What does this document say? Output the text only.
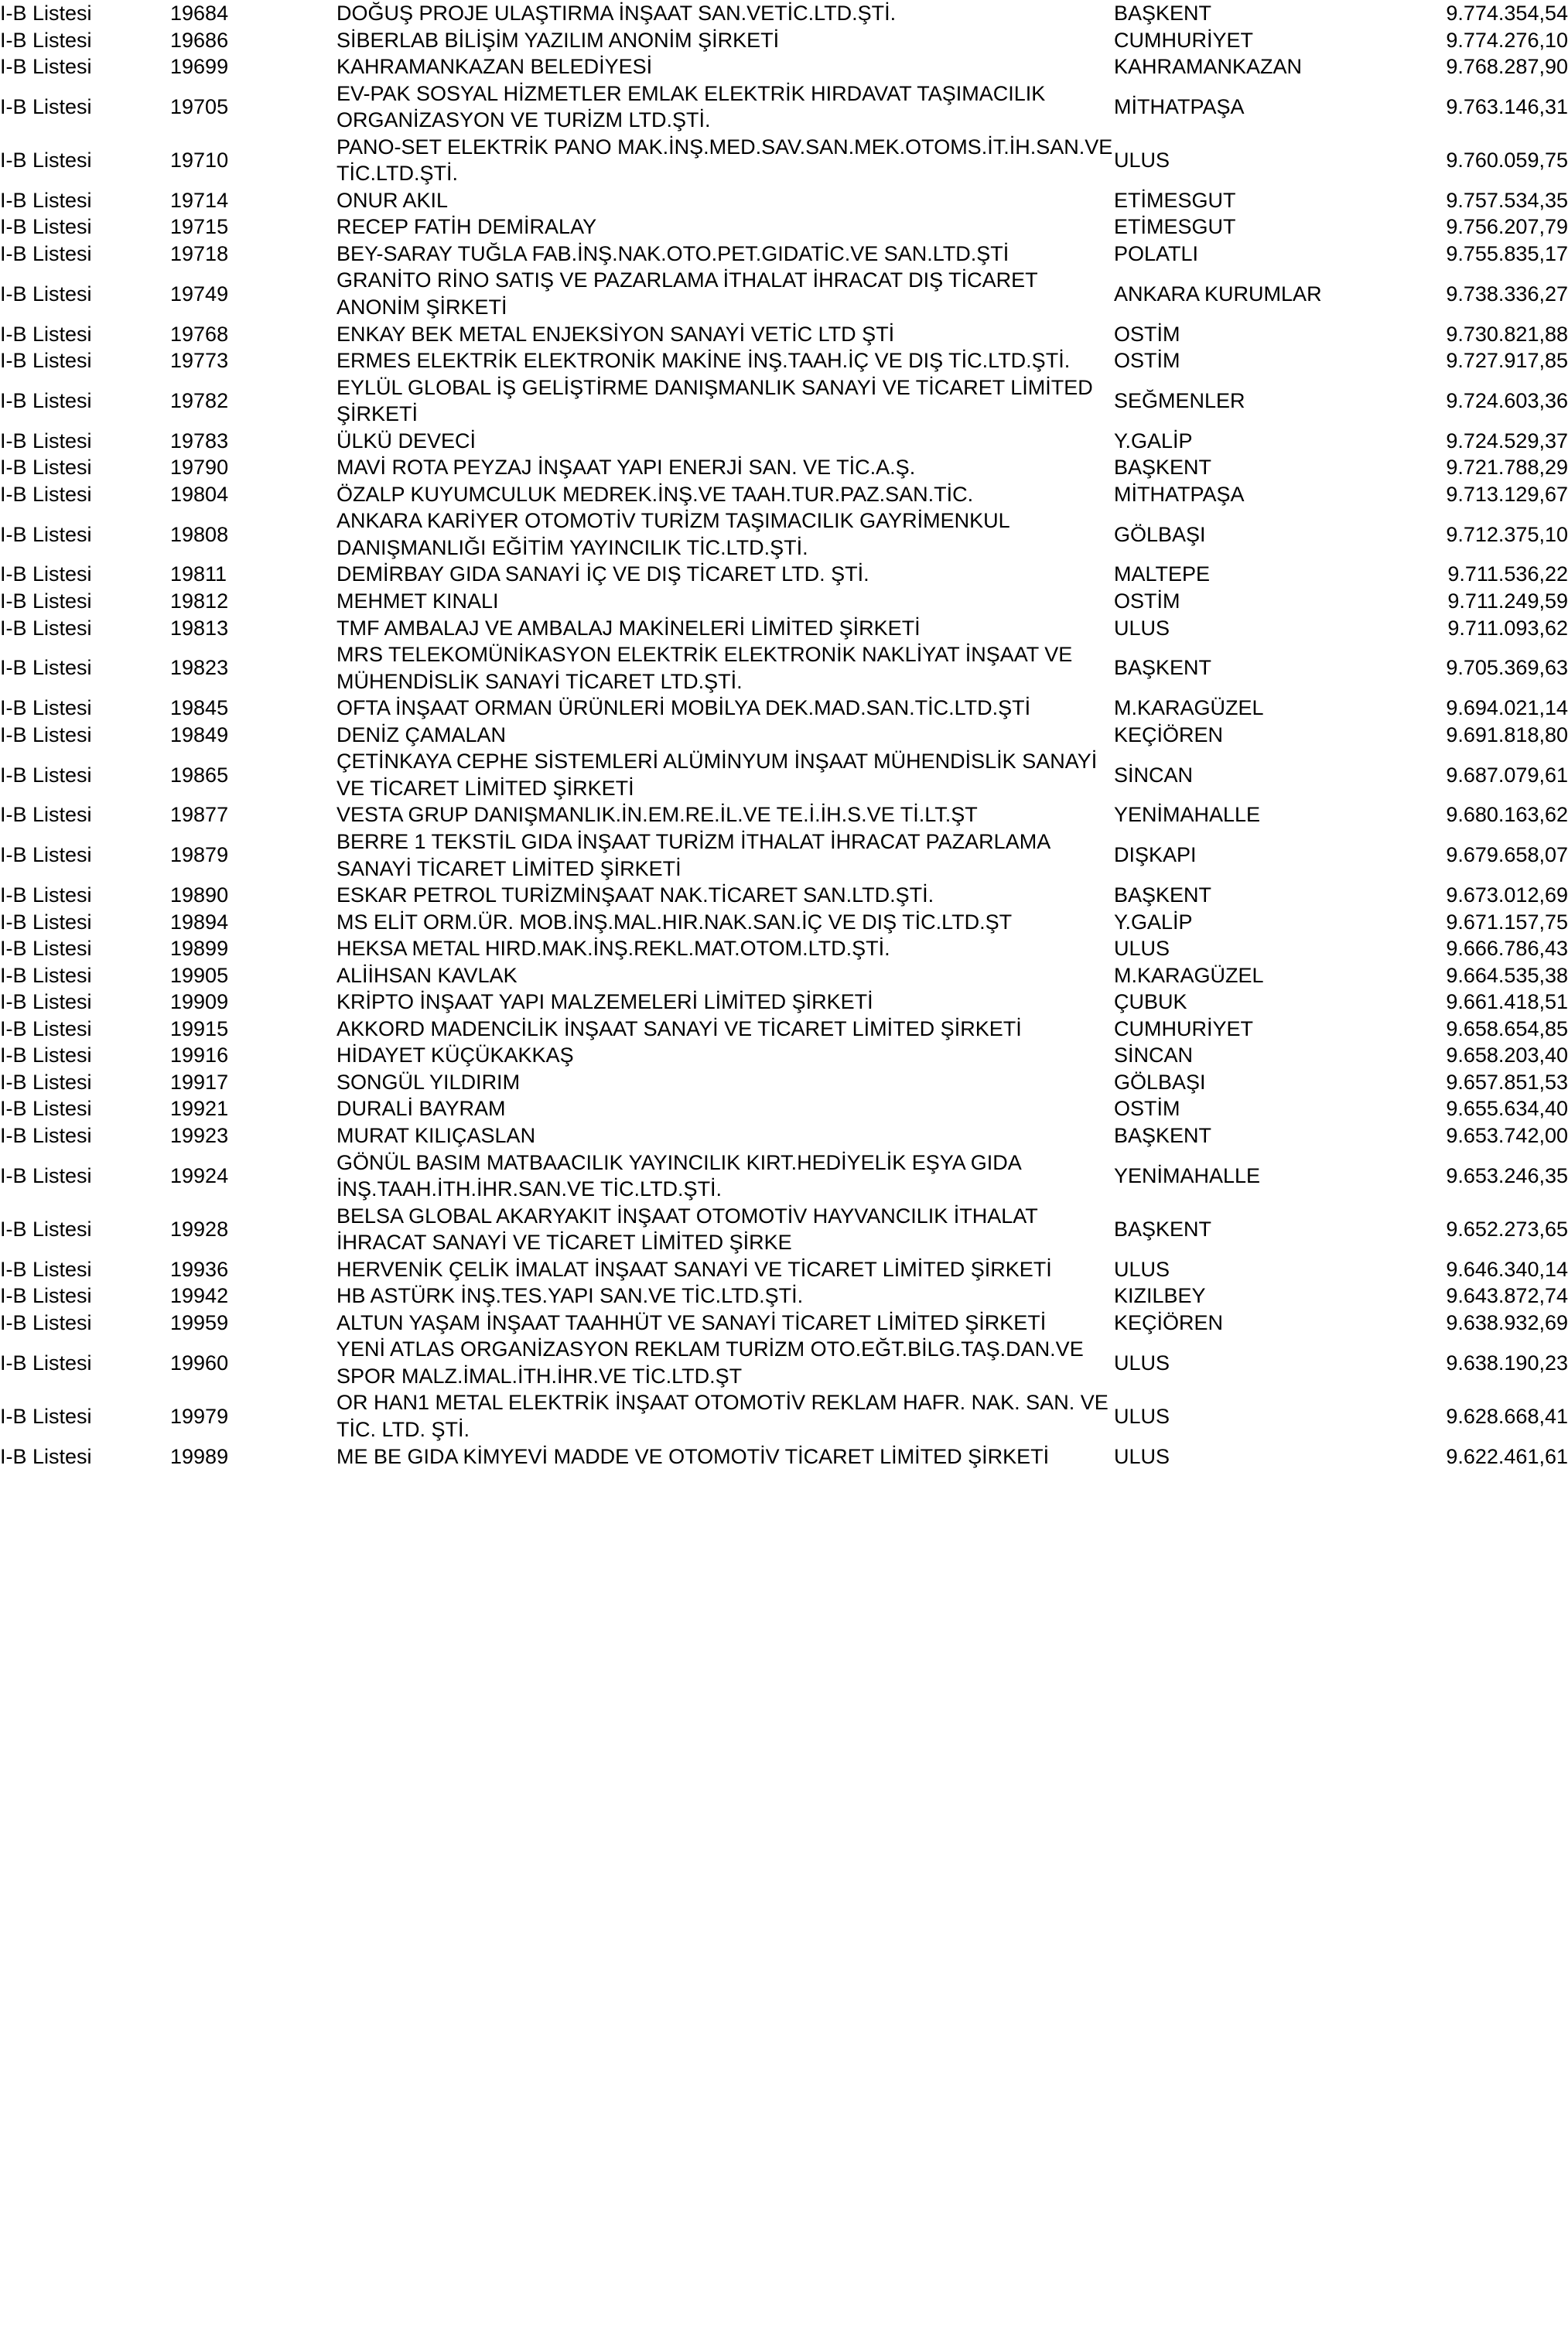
I-B Listesi	19684	DOĞUŞ PROJE ULAŞTIRMA İNŞAAT SAN.VETİC.LTD.ŞTİ.	BAŞKENT	9.774.354,54
I-B Listesi	19686	SİBERLAB BİLİŞİM YAZILIM ANONİM ŞİRKETİ	CUMHURİYET	9.774.276,10
I-B Listesi	19699	KAHRAMANKAZAN BELEDİYESİ	KAHRAMANKAZAN	9.768.287,90
I-B Listesi	19705	EV-PAK SOSYAL HİZMETLER EMLAK ELEKTRİK HIRDAVAT TAŞIMACILIK ORGANİZASYON VE TURİZM LTD.ŞTİ.	MİTHATPAŞA	9.763.146,31
I-B Listesi	19710	PANO-SET ELEKTRİK PANO MAK.İNŞ.MED.SAV.SAN.MEK.OTOMS.İT.İH.SAN.VE TİC.LTD.ŞTİ.	ULUS	9.760.059,75
I-B Listesi	19714	ONUR AKIL	ETİMESGUT	9.757.534,35
I-B Listesi	19715	RECEP FATİH DEMİRALAY	ETİMESGUT	9.756.207,79
I-B Listesi	19718	BEY-SARAY TUĞLA FAB.İNŞ.NAK.OTO.PET.GIDATİC.VE SAN.LTD.ŞTİ	POLATLI	9.755.835,17
I-B Listesi	19749	GRANİTO RİNO SATIŞ VE PAZARLAMA İTHALAT İHRACAT DIŞ TİCARET ANONİM ŞİRKETİ	ANKARA KURUMLAR	9.738.336,27
I-B Listesi	19768	ENKAY BEK METAL ENJEKSİYON SANAYİ VETİC LTD ŞTİ	OSTİM	9.730.821,88
I-B Listesi	19773	ERMES ELEKTRİK ELEKTRONİK MAKİNE İNŞ.TAAH.İÇ VE DIŞ TİC.LTD.ŞTİ.	OSTİM	9.727.917,85
I-B Listesi	19782	EYLÜL GLOBAL İŞ GELİŞTİRME DANIŞMANLIK SANAYİ VE TİCARET LİMİTED ŞİRKETİ	SEĞMENLER	9.724.603,36
I-B Listesi	19783	ÜLKÜ DEVECİ	Y.GALİP	9.724.529,37
I-B Listesi	19790	MAVİ ROTA PEYZAJ İNŞAAT YAPI ENERJİ SAN. VE TİC.A.Ş.	BAŞKENT	9.721.788,29
I-B Listesi	19804	ÖZALP KUYUMCULUK MEDREK.İNŞ.VE TAAH.TUR.PAZ.SAN.TİC.	MİTHATPAŞA	9.713.129,67
I-B Listesi	19808	ANKARA KARİYER OTOMOTİV TURİZM TAŞIMACILIK GAYRİMENKUL DANIŞMANLIĞI EĞİTİM YAYINCILIK TİC.LTD.ŞTİ.	GÖLBAŞI	9.712.375,10
I-B Listesi	19811	DEMİRBAY GIDA SANAYİ İÇ VE DIŞ TİCARET LTD. ŞTİ.	MALTEPE	9.711.536,22
I-B Listesi	19812	MEHMET KINALI	OSTİM	9.711.249,59
I-B Listesi	19813	TMF AMBALAJ VE AMBALAJ MAKİNELERİ LİMİTED ŞİRKETİ	ULUS	9.711.093,62
I-B Listesi	19823	MRS TELEKOMÜNİKASYON ELEKTRİK ELEKTRONİK NAKLİYAT İNŞAAT VE MÜHENDİSLİK SANAYİ TİCARET LTD.ŞTİ.	BAŞKENT	9.705.369,63
I-B Listesi	19845	OFTA İNŞAAT ORMAN ÜRÜNLERİ MOBİLYA DEK.MAD.SAN.TİC.LTD.ŞTİ	M.KARAGÜZEL	9.694.021,14
I-B Listesi	19849	DENİZ ÇAMALAN	KEÇİÖREN	9.691.818,80
I-B Listesi	19865	ÇETİNKAYA CEPHE SİSTEMLERİ ALÜMİNYUM İNŞAAT MÜHENDİSLİK SANAYİ VE TİCARET LİMİTED ŞİRKETİ	SİNCAN	9.687.079,61
I-B Listesi	19877	VESTA GRUP DANIŞMANLIK.İN.EM.RE.İL.VE TE.İ.İH.S.VE Tİ.LT.ŞT	YENİMAHALLE	9.680.163,62
I-B Listesi	19879	BERRE 1 TEKSTİL GIDA İNŞAAT TURİZM İTHALAT İHRACAT PAZARLAMA SANAYİ TİCARET LİMİTED ŞİRKETİ	DIŞKAPI	9.679.658,07
I-B Listesi	19890	ESKAR PETROL TURİZMİNŞAAT NAK.TİCARET SAN.LTD.ŞTİ.	BAŞKENT	9.673.012,69
I-B Listesi	19894	MS ELİT ORM.ÜR. MOB.İNŞ.MAL.HIR.NAK.SAN.İÇ VE DIŞ TİC.LTD.ŞT	Y.GALİP	9.671.157,75
I-B Listesi	19899	HEKSA METAL HIRD.MAK.İNŞ.REKL.MAT.OTOM.LTD.ŞTİ.	ULUS	9.666.786,43
I-B Listesi	19905	ALİİHSAN KAVLAK	M.KARAGÜZEL	9.664.535,38
I-B Listesi	19909	KRİPTO İNŞAAT YAPI MALZEMELERİ LİMİTED ŞİRKETİ	ÇUBUK	9.661.418,51
I-B Listesi	19915	AKKORD MADENCİLİK İNŞAAT SANAYİ VE TİCARET LİMİTED ŞİRKETİ	CUMHURİYET	9.658.654,85
I-B Listesi	19916	HİDAYET KÜÇÜKAKKAŞ	SİNCAN	9.658.203,40
I-B Listesi	19917	SONGÜL YILDIRIM	GÖLBAŞI	9.657.851,53
I-B Listesi	19921	DURALİ BAYRAM	OSTİM	9.655.634,40
I-B Listesi	19923	MURAT KILIÇASLAN	BAŞKENT	9.653.742,00
I-B Listesi	19924	GÖNÜL BASIM MATBAACILIK YAYINCILIK KIRT.HEDİYELİK EŞYA GIDA İNŞ.TAAH.İTH.İHR.SAN.VE TİC.LTD.ŞTİ.	YENİMAHALLE	9.653.246,35
I-B Listesi	19928	BELSA GLOBAL AKARYAKIT İNŞAAT OTOMOTİV HAYVANCILIK İTHALAT İHRACAT SANAYİ VE TİCARET LİMİTED ŞİRKE	BAŞKENT	9.652.273,65
I-B Listesi	19936	HERVENİK ÇELİK İMALAT İNŞAAT SANAYİ VE TİCARET LİMİTED ŞİRKETİ	ULUS	9.646.340,14
I-B Listesi	19942	HB ASTÜRK İNŞ.TES.YAPI SAN.VE TİC.LTD.ŞTİ.	KIZILBEY	9.643.872,74
I-B Listesi	19959	ALTUN YAŞAM İNŞAAT TAAHHÜT VE SANAYİ TİCARET LİMİTED ŞİRKETİ	KEÇİÖREN	9.638.932,69
I-B Listesi	19960	YENİ ATLAS ORGANİZASYON REKLAM TURİZM OTO.EĞT.BİLG.TAŞ.DAN.VE SPOR MALZ.İMAL.İTH.İHR.VE TİC.LTD.ŞT	ULUS	9.638.190,23
I-B Listesi	19979	OR HAN1 METAL ELEKTRİK İNŞAAT OTOMOTİV REKLAM HAFR. NAK. SAN. VE TİC. LTD. ŞTİ.	ULUS	9.628.668,41
I-B Listesi	19989	ME BE GIDA KİMYEVİ MADDE VE OTOMOTİV TİCARET LİMİTED ŞİRKETİ	ULUS	9.622.461,61
